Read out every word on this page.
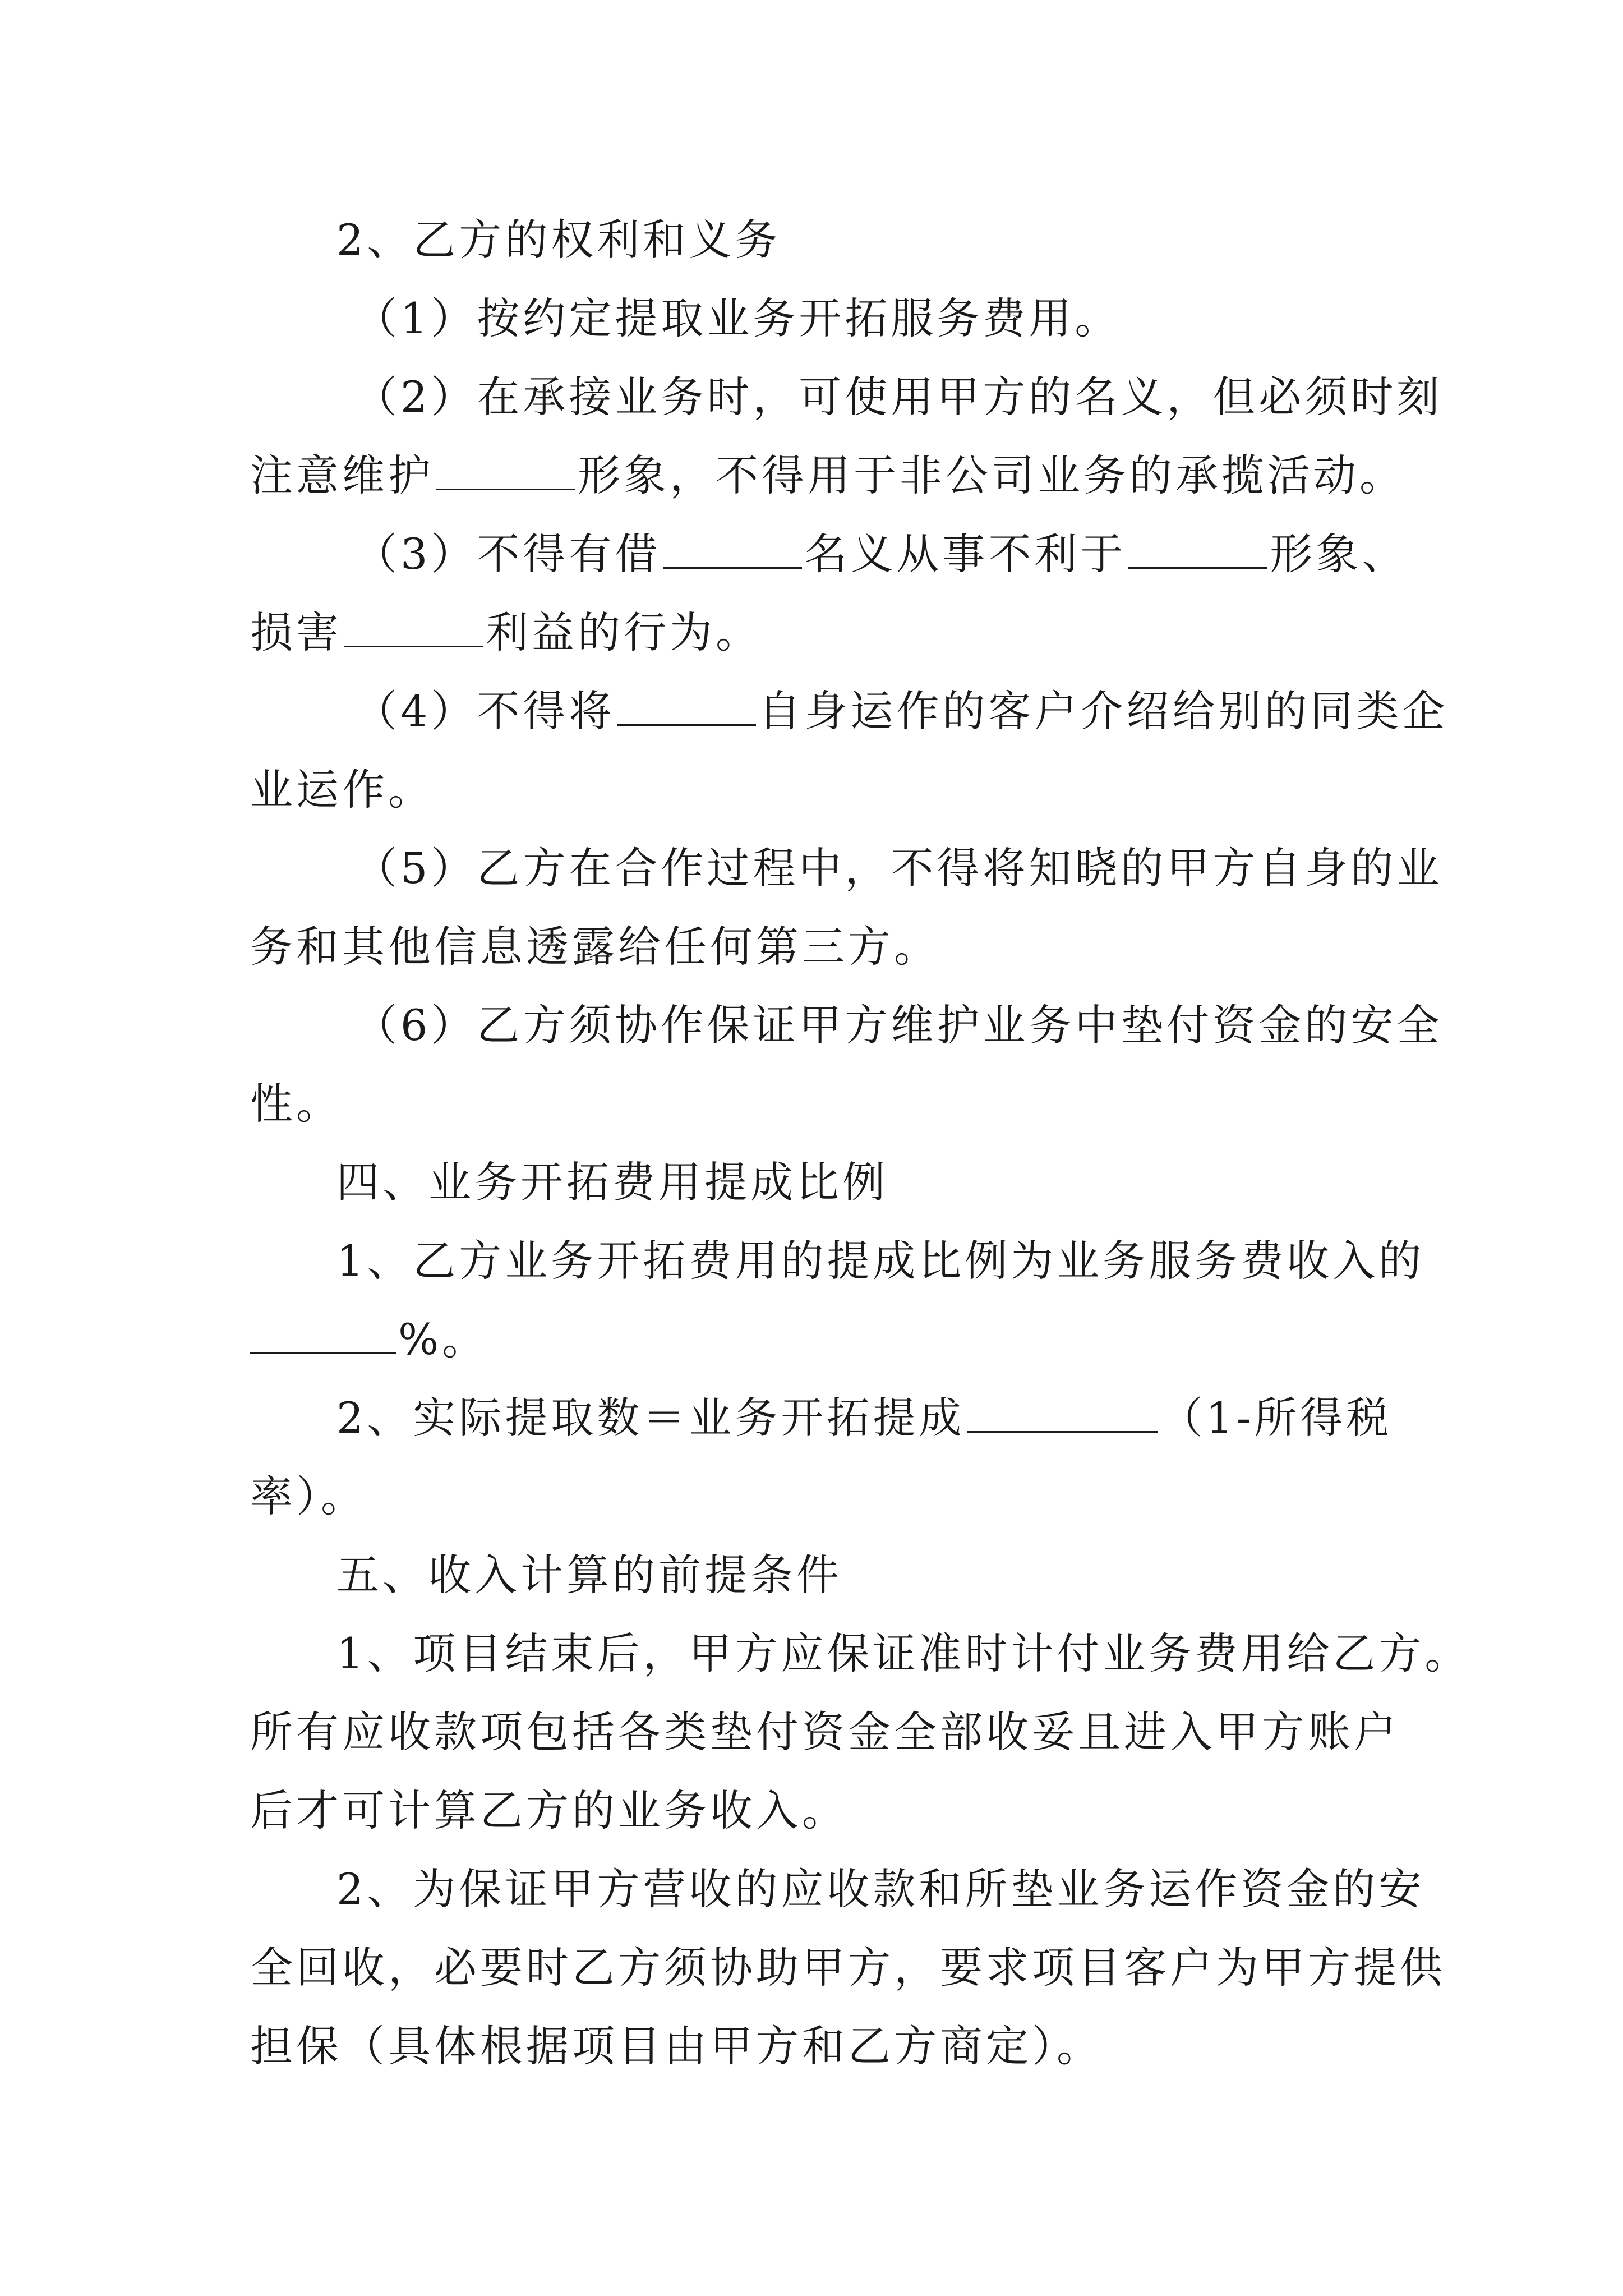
2、乙方的权利和义务
（1）按约定提取业务开拓服务费用。
（2）在承接业务时，可使用甲方的名义，但必须时刻
注意维护	形象，不得用于非公司业务的承揽活动。
（3）不得有借	名义从事不利于	形象、
损害	利益的行为。
（4）不得将	自身运作的客户介绍给别的同类企
业运作。
（5）乙方在合作过程中，不得将知晓的甲方自身的业
务和其他信息透露给任何第三方。
（6）乙方须协作保证甲方维护业务中垫付资金的安全
性。
四、业务开拓费用提成比例
1、乙方业务开拓费用的提成比例为业务服务费收入的
%。
2、实际提取数＝业务开拓提成	（1-所得税
率）。
五、收入计算的前提条件
1、项目结束后，甲方应保证准时计付业务费用给乙方。
所有应收款项包括各类垫付资金全部收妥且进入甲方账户
后才可计算乙方的业务收入。
2、为保证甲方营收的应收款和所垫业务运作资金的安
全回收，必要时乙方须协助甲方，要求项目客户为甲方提供
担保（具体根据项目由甲方和乙方商定）。
